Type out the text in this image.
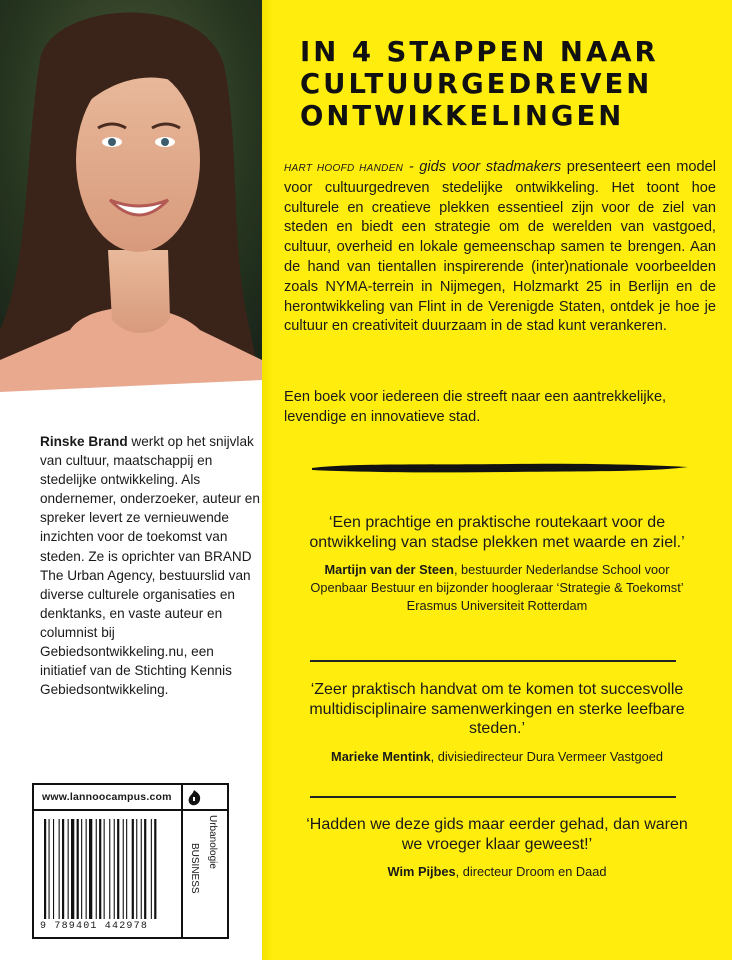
Rinske Brand werkt op het snijvlak van cultuur, maatschappij en stedelijke ontwikkeling. Als ondernemer, onderzoeker, auteur en spreker levert ze vernieuwende inzichten voor de toekomst van steden. Ze is oprichter van BRAND The Urban Agency, bestuurslid van diverse culturele organisaties en denktanks, en vaste auteur en columnist bij Gebiedsontwikkeling.nu, een initiatief van de Stichting Kennis Gebiedsontwikkeling.
www.lannoocampus.com
Urbanologie
BUSINESS
9 789401 442978
IN 4 STAPPEN NAAR
CULTUURGEDREVEN
ONTWIKKELINGEN
HART HOOFD HANDEN - gids voor stadmakers presenteert een model voor cultuurgedreven stedelijke ontwikkeling. Het toont hoe culturele en creatieve plekken essentieel zijn voor de ziel van steden en biedt een strategie om de werelden van vastgoed, cultuur, overheid en lokale gemeenschap samen te brengen. Aan de hand van tientallen inspirerende (inter)nationale voorbeelden zoals NYMA-terrein in Nijmegen, Holzmarkt 25 in Berlijn en de herontwikkeling van Flint in de Verenigde Staten, ontdek je hoe je cultuur en creativiteit duurzaam in de stad kunt verankeren.
Een boek voor iedereen die streeft naar een aantrekkelijke, levendige en innovatieve stad.
‘Een prachtige en praktische routekaart voor de ontwikkeling van stadse plekken met waarde en ziel.’
Martijn van der Steen, bestuurder Nederlandse School voor Openbaar Bestuur en bijzonder hoogleraar ‘Strategie & Toekomst’ Erasmus Universiteit Rotterdam
‘Zeer praktisch handvat om te komen tot succesvolle multidisciplinaire samenwerkingen en sterke leefbare steden.’
Marieke Mentink, divisiedirecteur Dura Vermeer Vastgoed
‘Hadden we deze gids maar eerder gehad, dan waren we vroeger klaar geweest!’
Wim Pijbes, directeur Droom en Daad
